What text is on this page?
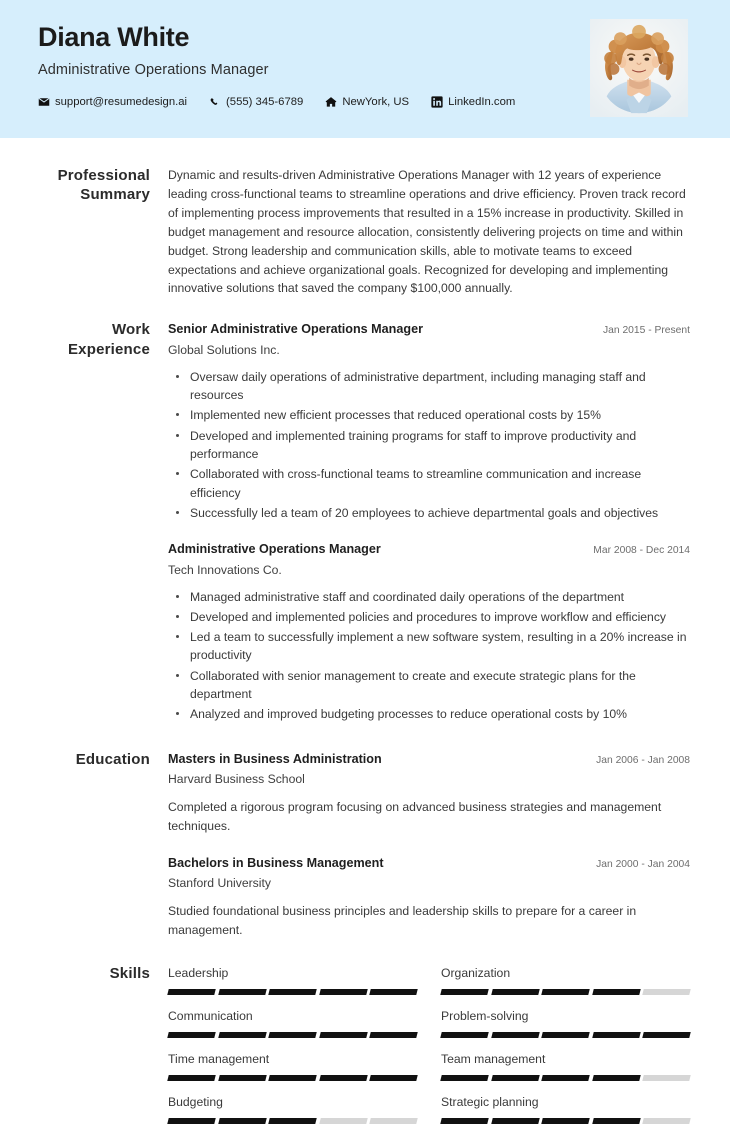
Diana White
Administrative Operations Manager
support@resumedesign.ai	(555) 345-6789	NewYork, US	LinkedIn.com
Professional Summary
Dynamic and results-driven Administrative Operations Manager with 12 years of experience leading cross-functional teams to streamline operations and drive efficiency. Proven track record of implementing process improvements that resulted in a 15% increase in productivity. Skilled in budget management and resource allocation, consistently delivering projects on time and within budget. Strong leadership and communication skills, able to motivate teams to exceed expectations and achieve organizational goals. Recognized for developing and implementing innovative solutions that saved the company $100,000 annually.
Work Experience
Senior Administrative Operations Manager	Jan 2015 - Present
Global Solutions Inc.
Oversaw daily operations of administrative department, including managing staff and resources
Implemented new efficient processes that reduced operational costs by 15%
Developed and implemented training programs for staff to improve productivity and performance
Collaborated with cross-functional teams to streamline communication and increase efficiency
Successfully led a team of 20 employees to achieve departmental goals and objectives
Administrative Operations Manager	Mar 2008 - Dec 2014
Tech Innovations Co.
Managed administrative staff and coordinated daily operations of the department
Developed and implemented policies and procedures to improve workflow and efficiency
Led a team to successfully implement a new software system, resulting in a 20% increase in productivity
Collaborated with senior management to create and execute strategic plans for the department
Analyzed and improved budgeting processes to reduce operational costs by 10%
Education	Masters in Business Administration	Jan 2006 - Jan 2008
Harvard Business School
Completed a rigorous program focusing on advanced business strategies and management techniques.
Bachelors in Business Management	Jan 2000 - Jan 2004
Stanford University
Studied foundational business principles and leadership skills to prepare for a career in management.
Skills	Leadership	Organization
Communication	Problem-solving
Time management	Team management
Budgeting	Strategic planning
